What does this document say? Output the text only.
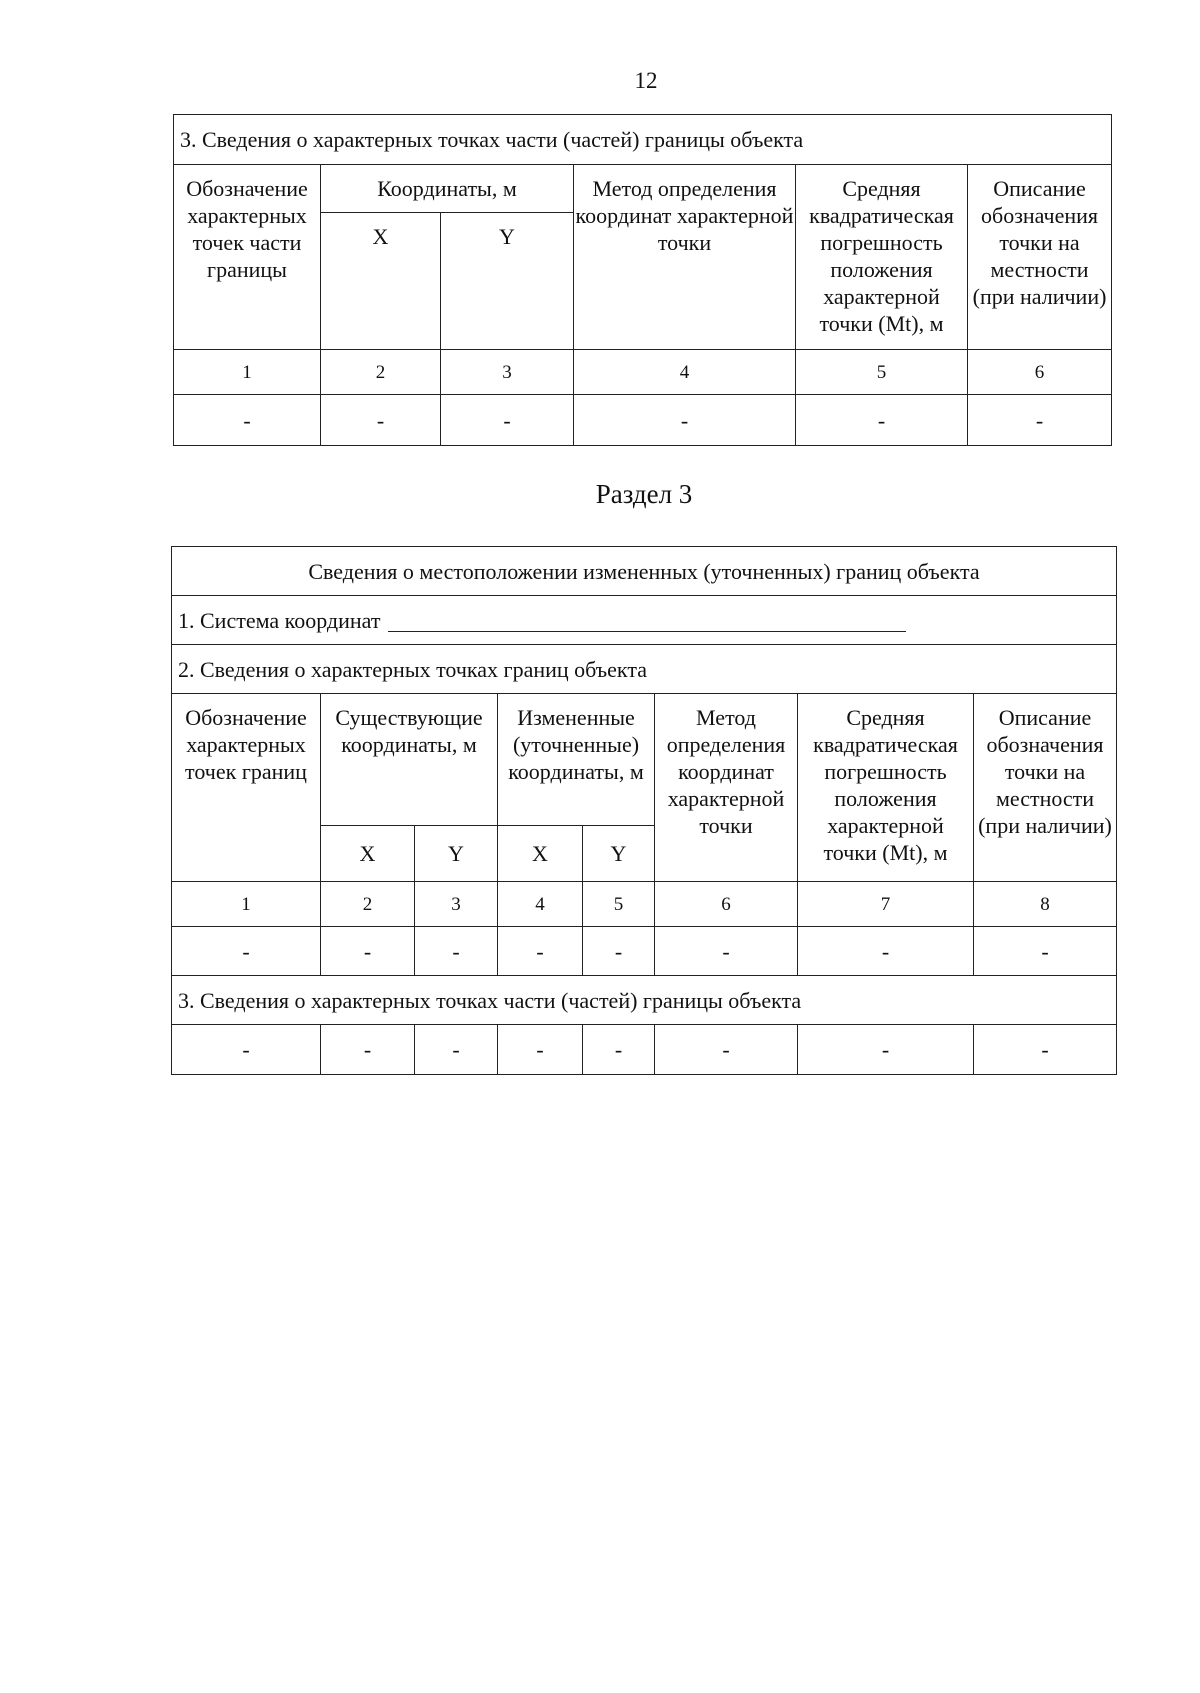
12
3. Сведения о характерных точках части (частей) границы объекта					
Обозначение характерных точек части границы	Координаты, м		Метод определения координат характерной точки	Средняя квадратическая погрешность положения характерной точки (Mt), м	Описание обозначения точки на местности (при наличии)
	X	Y			
1	2	3	4	5	6
-	-	-	-	-	-
Раздел 3
Сведения о местоположении измененных (уточненных) границ объекта							
1. Система координат							
2. Сведения о характерных точках границ объекта							
Обозначение характерных точек границ	Существующие координаты, м		Измененные (уточненные) координаты, м		Метод определения координат характерной точки	Средняя квадратическая погрешность положения характерной точки (Mt), м	Описание обозначения точки на местности (при наличии)
	X	Y	X	Y			
1	2	3	4	5	6	7	8
-	-	-	-	-	-	-	-
3. Сведения о характерных точках части (частей) границы объекта							
-	-	-	-	-	-	-	-
